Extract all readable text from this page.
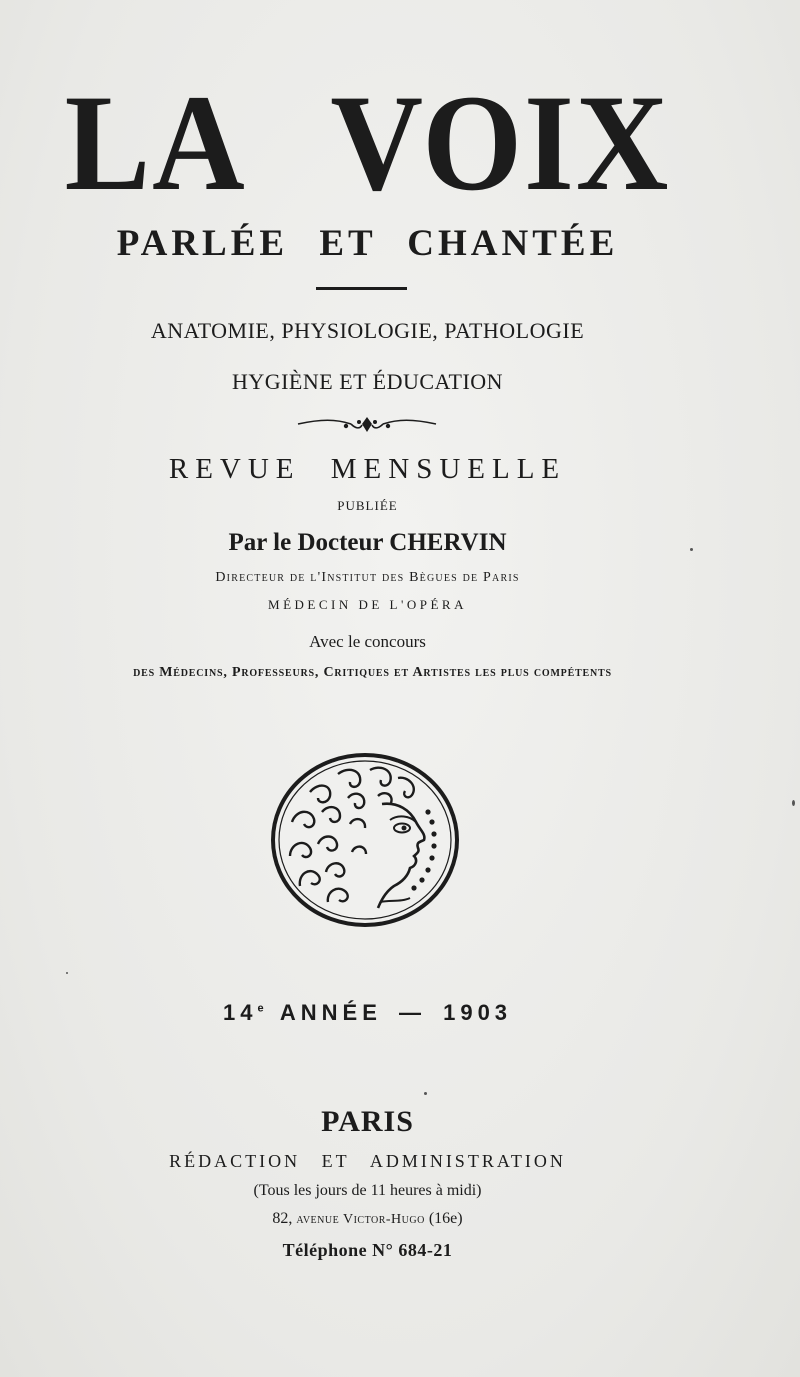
LA VOIX
PARLÉE ET CHANTÉE
ANATOMIE, PHYSIOLOGIE, PATHOLOGIE
HYGIÈNE ET ÉDUCATION
REVUE MENSUELLE
PUBLIÉE
Par le Docteur CHERVIN
Directeur de l'Institut des Bègues de Paris
MÉDECIN DE L'OPÉRA
Avec le concours
des Médecins, Professeurs, Critiques et Artistes les plus compétents
14e ANNÉE — 1903
PARIS
RÉDACTION ET ADMINISTRATION
(Tous les jours de 11 heures à midi)
82, avenue Victor-Hugo (16e)
Téléphone N° 684-21
